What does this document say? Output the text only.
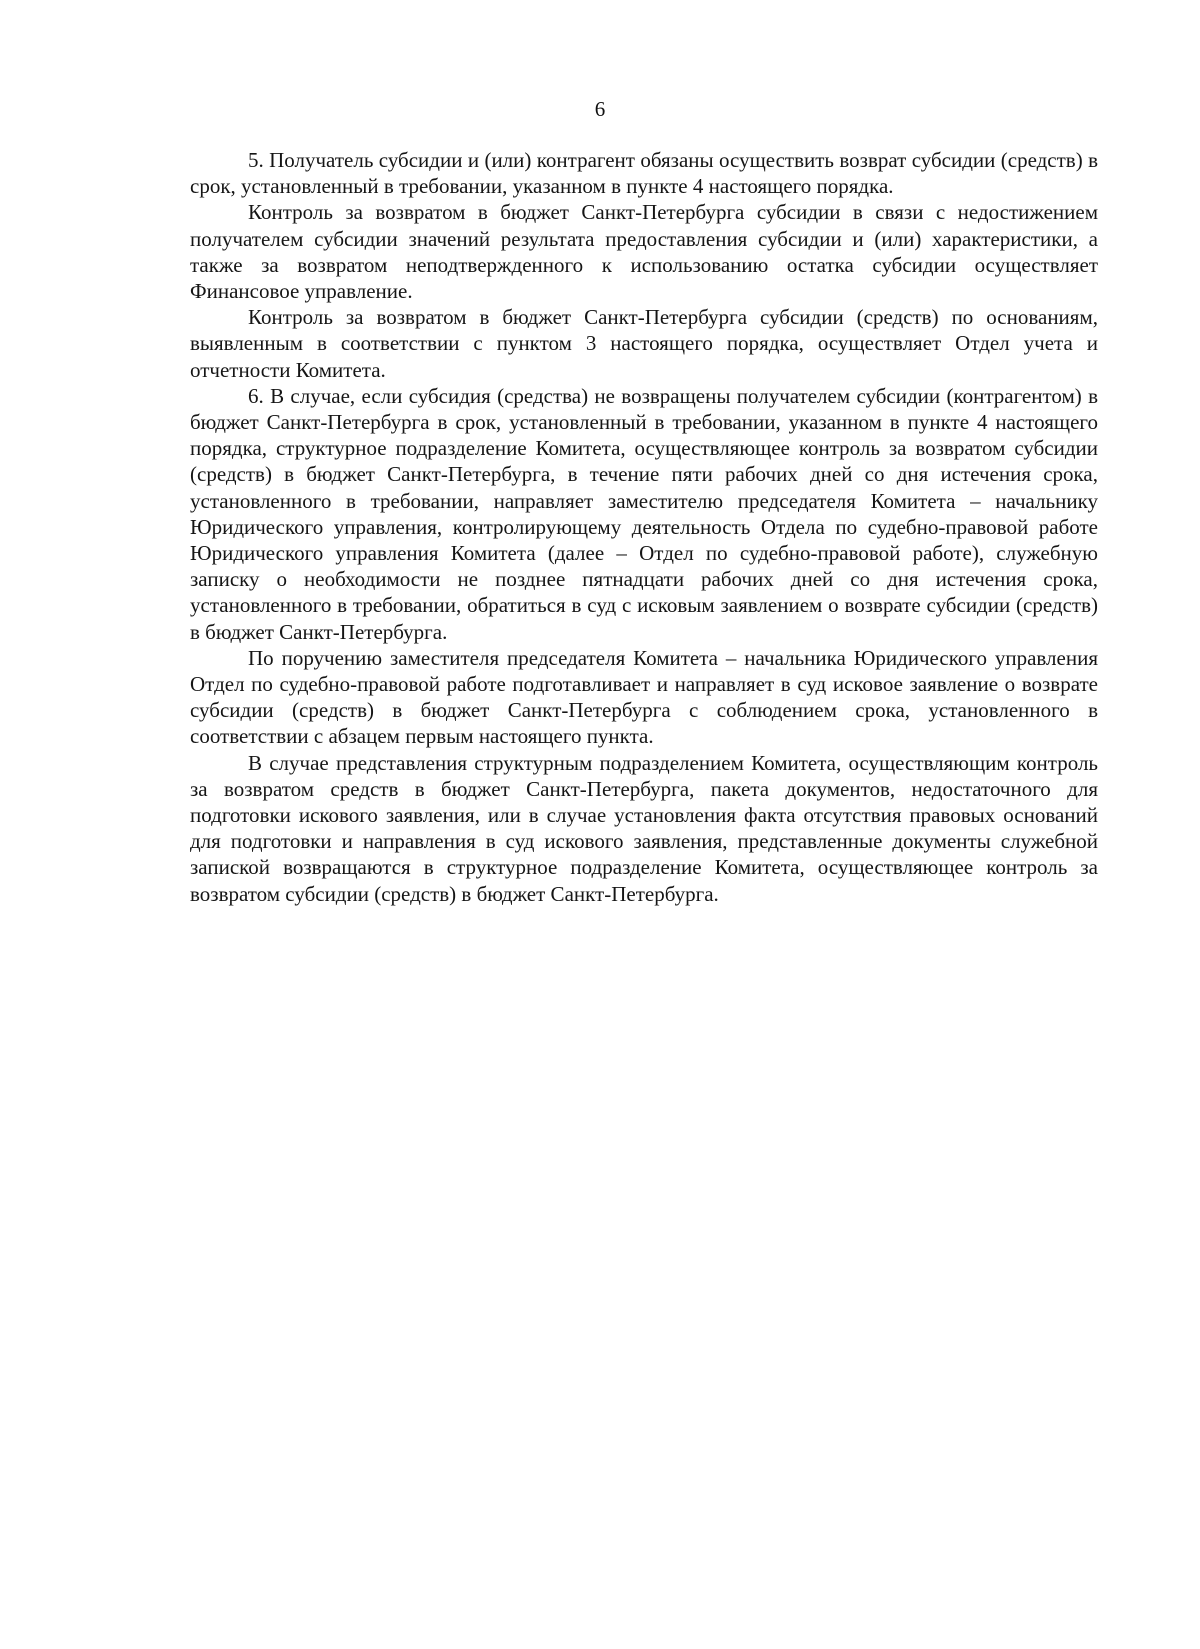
6

5. Получатель субсидии и (или) контрагент обязаны осуществить возврат субсидии (средств) в срок, установленный в требовании, указанном в пункте 4 настоящего порядка.

Контроль за возвратом в бюджет Санкт-Петербурга субсидии в связи с недостижением получателем субсидии значений результата предоставления субсидии и (или) характеристики, а также за возвратом неподтвержденного к использованию остатка субсидии осуществляет Финансовое управление.

Контроль за возвратом в бюджет Санкт-Петербурга субсидии (средств) по основаниям, выявленным в соответствии с пунктом 3 настоящего порядка, осуществляет Отдел учета и отчетности Комитета.

6. В случае, если субсидия (средства) не возвращены получателем субсидии (контрагентом) в бюджет Санкт-Петербурга в срок, установленный в требовании, указанном в пункте 4 настоящего порядка, структурное подразделение Комитета, осуществляющее контроль за возвратом субсидии (средств) в бюджет Санкт-Петербурга, в течение пяти рабочих дней со дня истечения срока, установленного в требовании, направляет заместителю председателя Комитета – начальнику Юридического управления, контролирующему деятельность Отдела по судебно-правовой работе Юридического управления Комитета (далее – Отдел по судебно-правовой работе), служебную записку о необходимости не позднее пятнадцати рабочих дней со дня истечения срока, установленного в требовании, обратиться в суд с исковым заявлением о возврате субсидии (средств) в бюджет Санкт-Петербурга.

По поручению заместителя председателя Комитета – начальника Юридического управления Отдел по судебно-правовой работе подготавливает и направляет в суд исковое заявление о возврате субсидии (средств) в бюджет Санкт-Петербурга с соблюдением срока, установленного в соответствии с абзацем первым настоящего пункта.

В случае представления структурным подразделением Комитета, осуществляющим контроль за возвратом средств в бюджет Санкт-Петербурга, пакета документов, недостаточного для подготовки искового заявления, или в случае установления факта отсутствия правовых оснований для подготовки и направления в суд искового заявления, представленные документы служебной запиской возвращаются в структурное подразделение Комитета, осуществляющее контроль за возвратом субсидии (средств) в бюджет Санкт-Петербурга.
